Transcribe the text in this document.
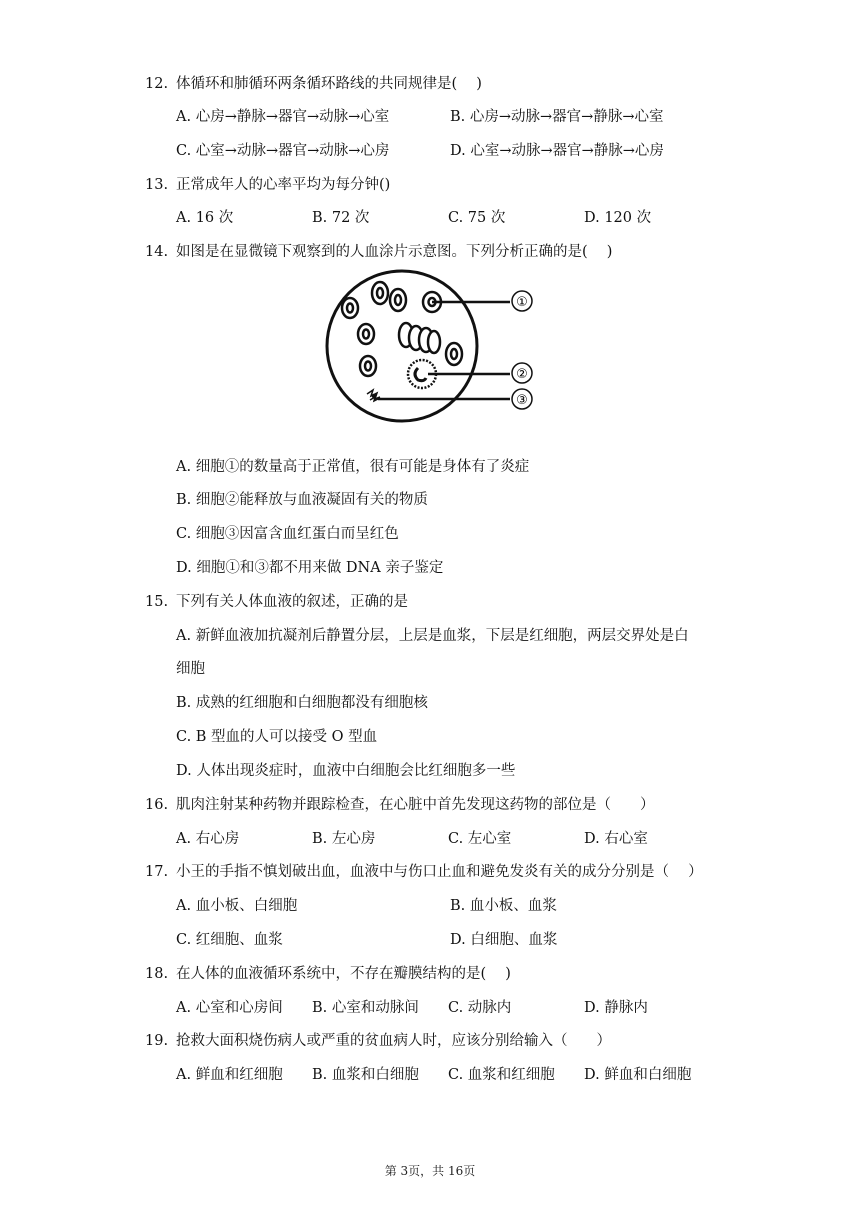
12. 体循环和肺循环两条循环路线的共同规律是(　 )
A. 心房→静脉→器官→动脉→心室	B. 心房→动脉→器官→静脉→心室
C. 心室→动脉→器官→动脉→心房	D. 心室→动脉→器官→静脉→心房
13. 正常成年人的心率平均为每分钟()
A. 16 次	B. 72 次	C. 75 次	D. 120 次
14. 如图是在显微镜下观察到的人血涂片示意图。下列分析正确的是(　 )
①
②
③
A. 细胞①的数量高于正常值，很有可能是身体有了炎症
B. 细胞②能释放与血液凝固有关的物质
C. 细胞③因富含血红蛋白而呈红色
D. 细胞①和③都不用来做 DNA 亲子鉴定
15. 下列有关人体血液的叙述，正确的是
A. 新鲜血液加抗凝剂后静置分层，上层是血浆，下层是红细胞，两层交界处是白
细胞
B. 成熟的红细胞和白细胞都没有细胞核
C. B 型血的人可以接受 O 型血
D. 人体出现炎症时，血液中白细胞会比红细胞多一些
16. 肌肉注射某种药物并跟踪检查，在心脏中首先发现这药物的部位是（　　）
A. 右心房	B. 左心房	C. 左心室	D. 右心室
17. 小王的手指不慎划破出血，血液中与伤口止血和避免发炎有关的成分分别是（　 ）
A. 血小板、白细胞	B. 血小板、血浆
C. 红细胞、血浆	D. 白细胞、血浆
18. 在人体的血液循环系统中，不存在瓣膜结构的是(　 )
A. 心室和心房间 B. 心室和动脉间 C. 动脉内	D. 静脉内
19. 抢救大面积烧伤病人或严重的贫血病人时，应该分别给输入（　　）
A. 鲜血和红细胞 B. 血浆和白细胞 C. 血浆和红细胞 D. 鲜血和白细胞
第 3页，共 16页
